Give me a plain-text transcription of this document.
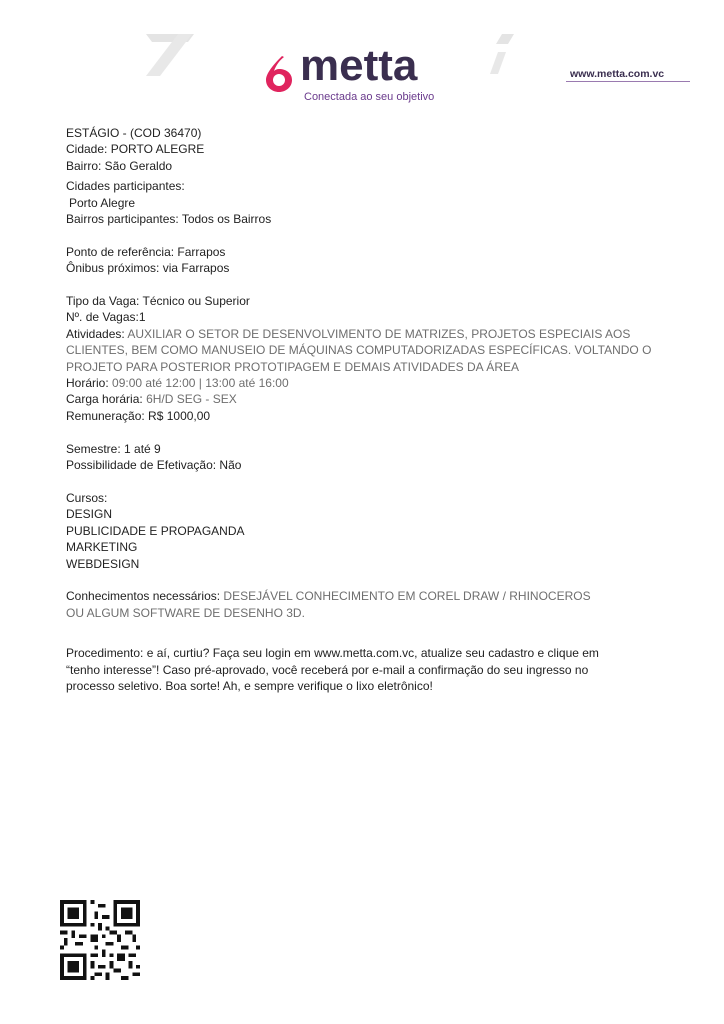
metta
Conectada ao seu objetivo
www.metta.com.vc
ESTÁGIO - (COD 36470)
Cidade: PORTO ALEGRE
Bairro: São Geraldo
Cidades participantes:
Porto Alegre
Bairros participantes: Todos os Bairros
Ponto de referência: Farrapos
Ônibus próximos: via Farrapos
Tipo da Vaga: Técnico ou Superior
Nº. de Vagas:1
Atividades: AUXILIAR O SETOR DE DESENVOLVIMENTO DE MATRIZES, PROJETOS ESPECIAIS AOS CLIENTES, BEM COMO MANUSEIO DE MÁQUINAS COMPUTADORIZADAS ESPECÍFICAS. VOLTANDO O PROJETO PARA POSTERIOR PROTOTIPAGEM E DEMAIS ATIVIDADES DA ÁREA
Horário: 09:00 até 12:00 | 13:00 até 16:00
Carga horária: 6H/D SEG - SEX
Remuneração: R$ 1000,00
Semestre: 1 até 9
Possibilidade de Efetivação: Não
Cursos:
DESIGN
PUBLICIDADE E PROPAGANDA
MARKETING
WEBDESIGN
Conhecimentos necessários: DESEJÁVEL CONHECIMENTO EM COREL DRAW / RHINOCEROS OU ALGUM SOFTWARE DE DESENHO 3D.
Procedimento: e aí, curtiu? Faça seu login em www.metta.com.vc, atualize seu cadastro e clique em “tenho interesse”! Caso pré-aprovado, você receberá por e-mail a confirmação do seu ingresso no processo seletivo. Boa sorte! Ah, e sempre verifique o lixo eletrônico!
